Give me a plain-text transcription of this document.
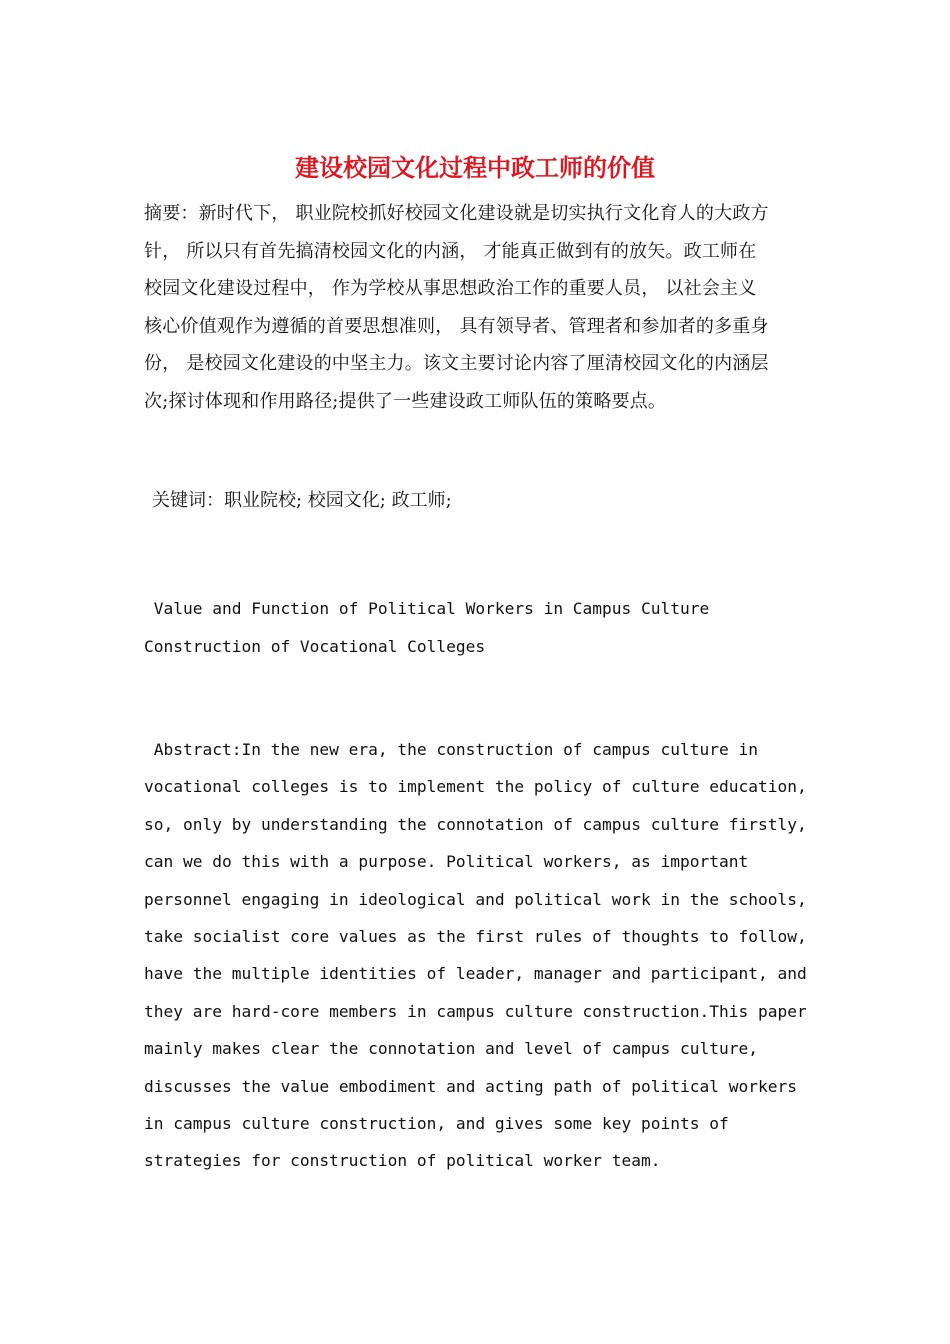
建设校园文化过程中政工师的价值
摘要：新时代下， 职业院校抓好校园文化建设就是切实执行文化育人的大政方
针， 所以只有首先搞清校园文化的内涵， 才能真正做到有的放矢。政工师在
校园文化建设过程中， 作为学校从事思想政治工作的重要人员， 以社会主义
核心价值观作为遵循的首要思想准则， 具有领导者、管理者和参加者的多重身
份， 是校园文化建设的中坚主力。该文主要讨论内容了厘清校园文化的内涵层
次;探讨体现和作用路径;提供了一些建设政工师队伍的策略要点。
关键词：职业院校; 校园文化; 政工师;
Value and Function of Political Workers in Campus Culture
Construction of Vocational Colleges
Abstract:In the new era, the construction of campus culture in
vocational colleges is to implement the policy of culture education,
so, only by understanding the connotation of campus culture firstly,
can we do this with a purpose. Political workers, as important
personnel engaging in ideological and political work in the schools,
take socialist core values as the first rules of thoughts to follow,
have the multiple identities of leader, manager and participant, and
they are hard-core members in campus culture construction.This paper
mainly makes clear the connotation and level of campus culture,
discusses the value embodiment and acting path of political workers
in campus culture construction, and gives some key points of
strategies for construction of political worker team.
